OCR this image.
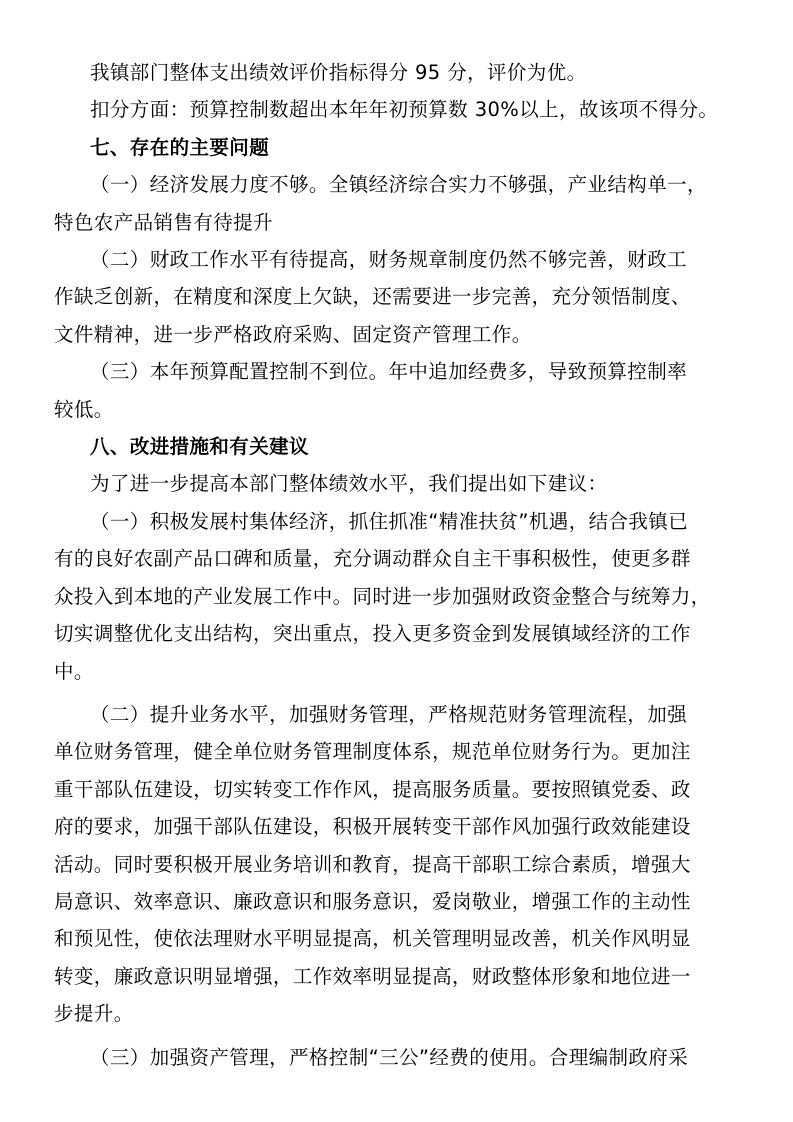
我镇部门整体支出绩效评价指标得分 95 分，评价为优。
扣分方面：预算控制数超出本年年初预算数 30%以上，故该项不得分。
七、存在的主要问题
（一）经济发展力度不够。全镇经济综合实力不够强，产业结构单一，
特色农产品销售有待提升
（二）财政工作水平有待提高，财务规章制度仍然不够完善，财政工
作缺乏创新，在精度和深度上欠缺，还需要进一步完善，充分领悟制度、
文件精神，进一步严格政府采购、固定资产管理工作。
（三）本年预算配置控制不到位。年中追加经费多，导致预算控制率
较低。
八、改进措施和有关建议
为了进一步提高本部门整体绩效水平，我们提出如下建议：
（一）积极发展村集体经济，抓住抓准“精准扶贫”机遇，结合我镇已
有的良好农副产品口碑和质量，充分调动群众自主干事积极性，使更多群
众投入到本地的产业发展工作中。同时进一步加强财政资金整合与统筹力，
切实调整优化支出结构，突出重点，投入更多资金到发展镇域经济的工作
中。
（二）提升业务水平，加强财务管理，严格规范财务管理流程，加强
单位财务管理，健全单位财务管理制度体系，规范单位财务行为。更加注
重干部队伍建设，切实转变工作作风，提高服务质量。要按照镇党委、政
府的要求，加强干部队伍建设，积极开展转变干部作风加强行政效能建设
活动。同时要积极开展业务培训和教育，提高干部职工综合素质，增强大
局意识、效率意识、廉政意识和服务意识，爱岗敬业，增强工作的主动性
和预见性，使依法理财水平明显提高，机关管理明显改善，机关作风明显
转变，廉政意识明显增强，工作效率明显提高，财政整体形象和地位进一
步提升。
（三）加强资产管理，严格控制“三公”经费的使用。合理编制政府采
